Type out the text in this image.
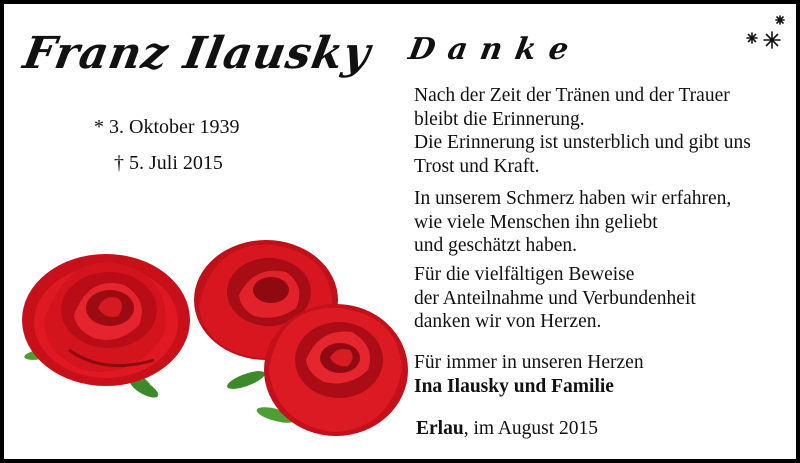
Franz Ilausky
* 3. Oktober 1939
† 5. Juli 2015
Danke
Nach der Zeit der Tränen und der Trauer
bleibt die Erinnerung.
Die Erinnerung ist unsterblich und gibt uns
Trost und Kraft.
In unserem Schmerz haben wir erfahren,
wie viele Menschen ihn geliebt
und geschätzt haben.
Für die vielfältigen Beweise
der Anteilnahme und Verbundenheit
danken wir von Herzen.
Für immer in unseren Herzen
Ina Ilausky und Familie
Erlau, im August 2015
